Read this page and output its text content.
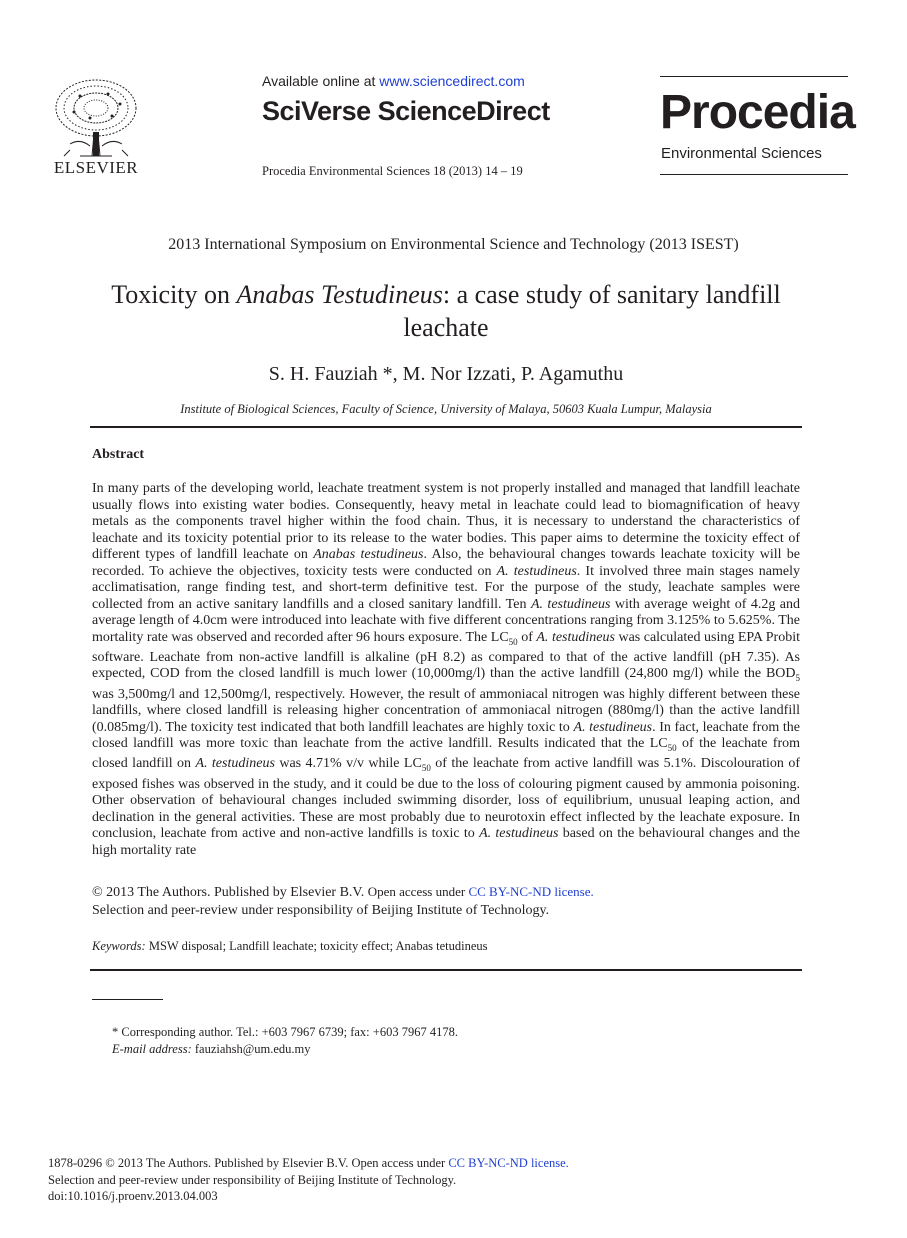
ELSEVIER
Available online at www.sciencedirect.com
SciVerse ScienceDirect
Procedia Environmental Sciences 18 (2013) 14 – 19
Procedia
Environmental Sciences
2013 International Symposium on Environmental Science and Technology (2013 ISEST)
Toxicity on Anabas Testudineus: a case study of sanitary landfill leachate
S. H. Fauziah *, M. Nor Izzati, P. Agamuthu
Institute of Biological Sciences, Faculty of Science, University of Malaya, 50603 Kuala Lumpur, Malaysia
Abstract
In many parts of the developing world, leachate treatment system is not properly installed and managed that landfill leachate usually flows into existing water bodies. Consequently, heavy metal in leachate could lead to biomagnification of heavy metals as the components travel higher within the food chain. Thus, it is necessary to understand the characteristics of leachate and its toxicity potential prior to its release to the water bodies. This paper aims to determine the toxicity effect of different types of landfill leachate on Anabas testudineus. Also, the behavioural changes towards leachate toxicity will be recorded. To achieve the objectives, toxicity tests were conducted on A. testudineus. It involved three main stages namely acclimatisation, range finding test, and short-term definitive test. For the purpose of the study, leachate samples were collected from an active sanitary landfills and a closed sanitary landfill. Ten A. testudineus with average weight of 4.2g and average length of 4.0cm were introduced into leachate with five different concentrations ranging from 3.125% to 5.625%. The mortality rate was observed and recorded after 96 hours exposure. The $LC_{50}$ of A. testudineus was calculated using EPA Probit software. Leachate from non-active landfill is alkaline (pH 8.2) as compared to that of the active landfill (pH 7.35). As expected, COD from the closed landfill is much lower (10,000mg/l) than the active landfill (24,800 mg/l) while the $BOD_5$ was 3,500mg/l and 12,500mg/l, respectively. However, the result of ammoniacal nitrogen was highly different between these landfills, where closed landfill is releasing higher concentration of ammoniacal nitrogen (880mg/l) than the active landfill (0.085mg/l). The toxicity test indicated that both landfill leachates are highly toxic to A. testudineus. In fact, leachate from the closed landfill was more toxic than leachate from the active landfill. Results indicated that the $LC_{50}$ of the leachate from closed landfill on A. testudineus was 4.71% v/v while $LC_{50}$ of the leachate from active landfill was 5.1%. Discolouration of exposed fishes was observed in the study, and it could be due to the loss of colouring pigment caused by ammonia poisoning. Other observation of behavioural changes included swimming disorder, loss of equilibrium, unusual leaping action, and declination in the general activities. These are most probably due to neurotoxin effect inflected by the leachate exposure. In conclusion, leachate from active and non-active landfills is toxic to A. testudineus based on the behavioural changes and the high mortality rate
© 2013 The Authors. Published by Elsevier B.V. Open access under CC BY-NC-ND license.
Selection and peer-review under responsibility of Beijing Institute of Technology.
Keywords: MSW disposal; Landfill leachate; toxicity effect; Anabas tetudineus
* Corresponding author. Tel.: +603 7967 6739; fax: +603 7967 4178.
E-mail address: fauziahsh@um.edu.my
1878-0296 © 2013 The Authors. Published by Elsevier B.V. Open access under CC BY-NC-ND license.
Selection and peer-review under responsibility of Beijing Institute of Technology.
doi:10.1016/j.proenv.2013.04.003
